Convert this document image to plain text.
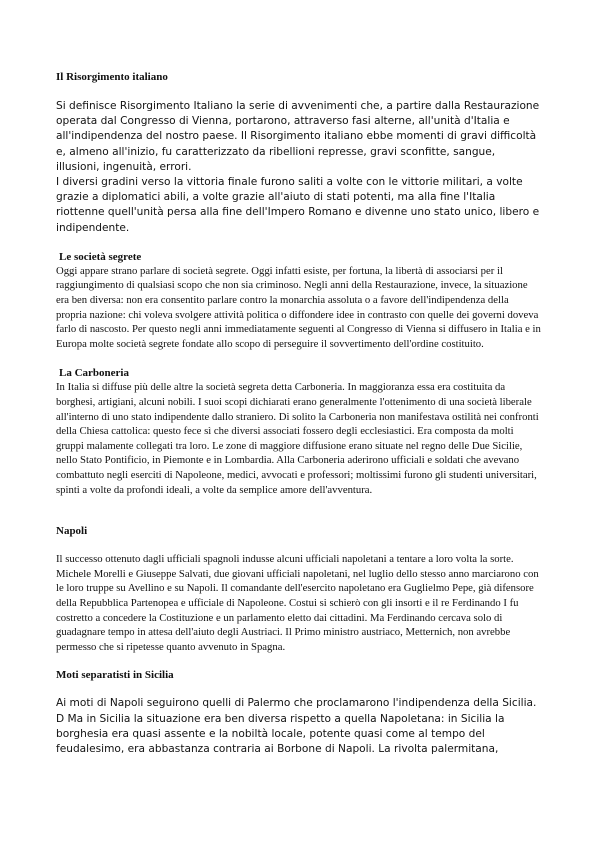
Il Risorgimento italiano

Si definisce Risorgimento Italiano la serie di avvenimenti che, a partire dalla Restaurazione operata dal Congresso di Vienna, portarono, attraverso fasi alterne, all'unità d'Italia e all'indipendenza del nostro paese. Il Risorgimento italiano ebbe momenti di gravi difficoltà e, almeno all'inizio, fu caratterizzato da ribellioni represse, gravi sconfitte, sangue, illusioni, ingenuità, errori.

I diversi gradini verso la vittoria finale furono saliti a volte con le vittorie militari, a volte grazie a diplomatici abili, a volte grazie all'aiuto di stati potenti, ma alla fine l'Italia riottenne quell'unità persa alla fine dell'Impero Romano e divenne uno stato unico, libero e indipendente.

Le società segrete

Oggi appare strano parlare di società segrete. Oggi infatti esiste, per fortuna, la libertà di associarsi per il raggiungimento di qualsiasi scopo che non sia criminoso. Negli anni della Restaurazione, invece, la situazione era ben diversa: non era consentito parlare contro la monarchia assoluta o a favore dell'indipendenza della propria nazione: chi voleva svolgere attività politica o diffondere idee in contrasto con quelle dei governi doveva farlo di nascosto. Per questo negli anni immediatamente seguenti al Congresso di Vienna si diffusero in Italia e in Europa molte società segrete fondate allo scopo di perseguire il sovvertimento dell'ordine costituito.

La Carboneria

In Italia si diffuse più delle altre la società segreta detta Carboneria. In maggioranza essa era costituita da borghesi, artigiani, alcuni nobili. I suoi scopi dichiarati erano generalmente l'ottenimento di una società liberale all'interno di uno stato indipendente dallo straniero. Di solito la Carboneria non manifestava ostilità nei confronti della Chiesa cattolica: questo fece sì che diversi associati fossero degli ecclesiastici. Era composta da molti gruppi malamente collegati tra loro. Le zone di maggiore diffusione erano situate nel regno delle Due Sicilie, nello Stato Pontificio, in Piemonte e in Lombardia. Alla Carboneria aderirono ufficiali e soldati che avevano combattuto negli eserciti di Napoleone, medici, avvocati e professori; moltissimi furono gli studenti universitari, spinti a volte da profondi ideali, a volte da semplice amore dell'avventura.

Napoli

Il successo ottenuto dagli ufficiali spagnoli indusse alcuni ufficiali napoletani a tentare a loro volta la sorte. Michele Morelli e Giuseppe Salvati, due giovani ufficiali napoletani, nel luglio dello stesso anno marciarono con le loro truppe su Avellino e su Napoli. Il comandante dell'esercito napoletano era Guglielmo Pepe, già difensore della Repubblica Partenopea e ufficiale di Napoleone. Costui si schierò con gli insorti e il re Ferdinando I fu costretto a concedere la Costituzione e un parlamento eletto dai cittadini. Ma Ferdinando cercava solo di guadagnare tempo in attesa dell'aiuto degli Austriaci. Il Primo ministro austriaco, Metternich, non avrebbe permesso che si ripetesse quanto avvenuto in Spagna.

Moti separatisti in Sicilia

Ai moti di Napoli seguirono quelli di Palermo che proclamarono l'indipendenza della Sicilia. D Ma in Sicilia la situazione era ben diversa rispetto a quella Napoletana: in Sicilia la borghesia era quasi assente e la nobiltà locale, potente quasi come al tempo del feudalesimo, era abbastanza contraria ai Borbone di Napoli. La rivolta palermitana,
